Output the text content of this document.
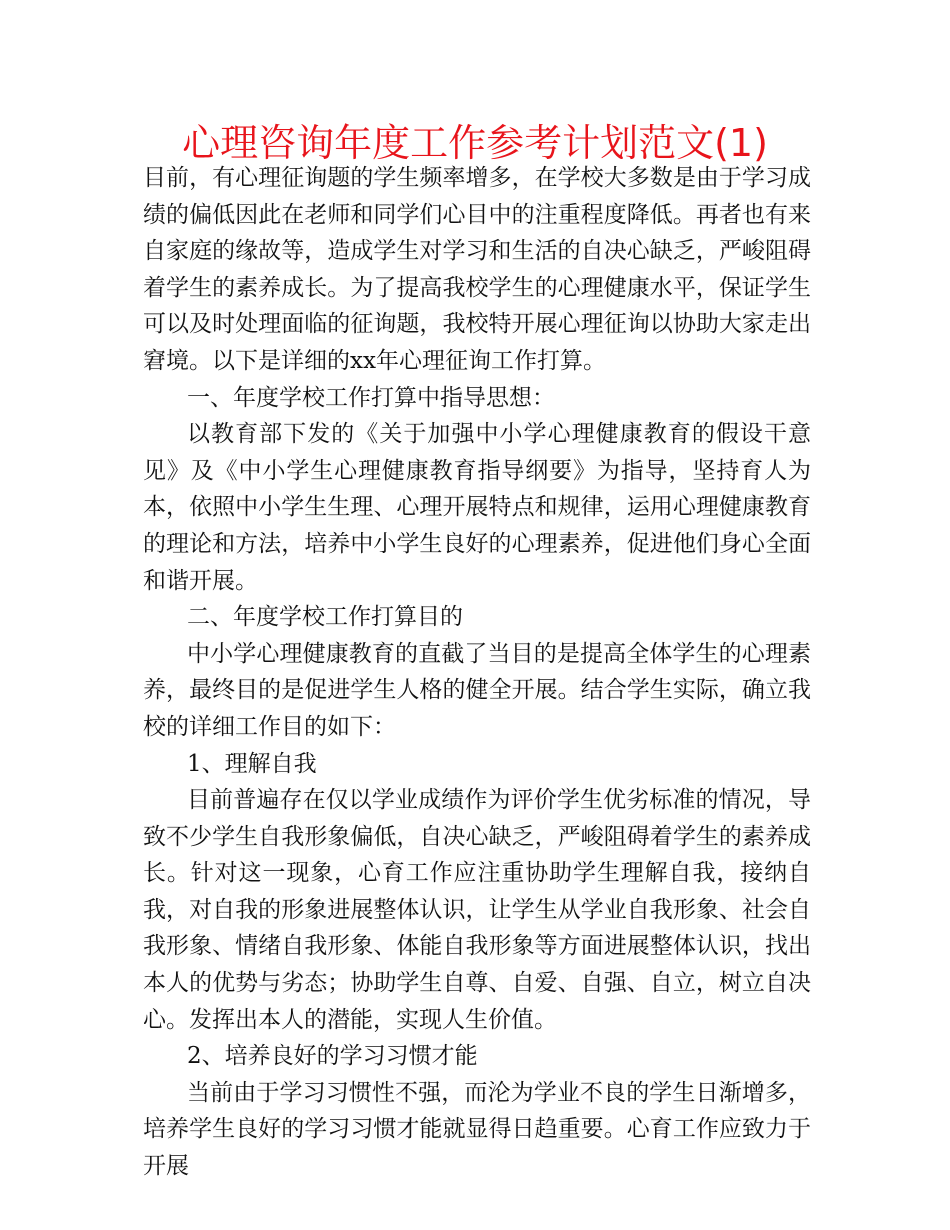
心理咨询年度工作参考计划范文(1)

目前，有心理征询题的学生频率增多，在学校大多数是由于学习成绩的偏低因此在老师和同学们心目中的注重程度降低。再者也有来自家庭的缘故等，造成学生对学习和生活的自决心缺乏，严峻阻碍着学生的素养成长。为了提高我校学生的心理健康水平，保证学生可以及时处理面临的征询题，我校特开展心理征询以协助大家走出窘境。以下是详细的xx年心理征询工作打算。

一、年度学校工作打算中指导思想：

以教育部下发的《关于加强中小学心理健康教育的假设干意见》及《中小学生心理健康教育指导纲要》为指导，坚持育人为本，依照中小学生生理、心理开展特点和规律，运用心理健康教育的理论和方法，培养中小学生良好的心理素养，促进他们身心全面和谐开展。

二、年度学校工作打算目的

中小学心理健康教育的直截了当目的是提高全体学生的心理素养，最终目的是促进学生人格的健全开展。结合学生实际，确立我校的详细工作目的如下：

1、理解自我

目前普遍存在仅以学业成绩作为评价学生优劣标准的情况，导致不少学生自我形象偏低，自决心缺乏，严峻阻碍着学生的素养成长。针对这一现象，心育工作应注重协助学生理解自我，接纳自我，对自我的形象进展整体认识，让学生从学业自我形象、社会自我形象、情绪自我形象、体能自我形象等方面进展整体认识，找出本人的优势与劣态；协助学生自尊、自爱、自强、自立，树立自决心。发挥出本人的潜能，实现人生价值。

2、培养良好的学习习惯才能

当前由于学习习惯性不强，而沦为学业不良的学生日渐增多，培养学生良好的学习习惯才能就显得日趋重要。心育工作应致力于开展
